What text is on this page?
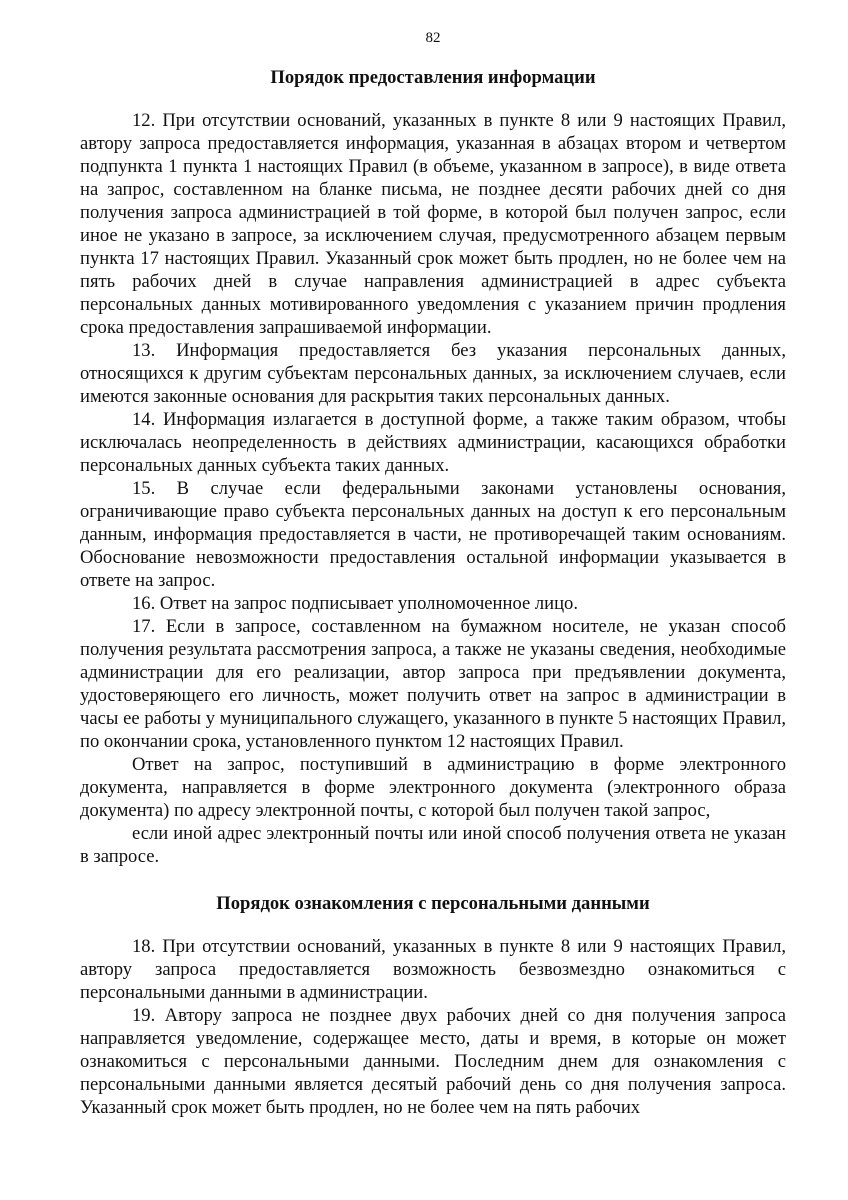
82
Порядок предоставления информации

12. При отсутствии оснований, указанных в пункте 8 или 9 настоящих Правил, автору запроса предоставляется информация, указанная в абзацах втором и четвертом подпункта 1 пункта 1 настоящих Правил (в объеме, указанном в запросе), в виде ответа на запрос, составленном на бланке письма, не позднее десяти рабочих дней со дня получения запроса администрацией в той форме, в которой был получен запрос, если иное не указано в запросе, за исключением случая, предусмотренного абзацем первым пункта 17 настоящих Правил. Указанный срок может быть продлен, но не более чем на пять рабочих дней в случае направления администрацией в адрес субъекта персональных данных мотивированного уведомления с указанием причин продления срока предоставления запрашиваемой информации.

13. Информация предоставляется без указания персональных данных, относящихся к другим субъектам персональных данных, за исключением случаев, если имеются законные основания для раскрытия таких персональных данных.

14. Информация излагается в доступной форме, а также таким образом, чтобы исключалась неопределенность в действиях администрации, касающихся обработки персональных данных субъекта таких данных.

15. В случае если федеральными законами установлены основания, ограничивающие право субъекта персональных данных на доступ к его персональным данным, информация предоставляется в части, не противоречащей таким основаниям. Обоснование невозможности предоставления остальной информации указывается в ответе на запрос.

16. Ответ на запрос подписывает уполномоченное лицо.

17. Если в запросе, составленном на бумажном носителе, не указан способ получения результата рассмотрения запроса, а также не указаны сведения, необходимые администрации для его реализации, автор запроса при предъявлении документа, удостоверяющего его личность, может получить ответ на запрос в администрации в часы ее работы у муниципального служащего, указанного в пункте 5 настоящих Правил, по окончании срока, установленного пунктом 12 настоящих Правил.

Ответ на запрос, поступивший в администрацию в форме электронного документа, направляется в форме электронного документа (электронного образа документа) по адресу электронной почты, с которой был получен такой запрос,

если иной адрес электронный почты или иной способ получения ответа не указан в запросе.

Порядок ознакомления с персональными данными

18. При отсутствии оснований, указанных в пункте 8 или 9 настоящих Правил, автору запроса предоставляется возможность безвозмездно ознакомиться с персональными данными в администрации.

19. Автору запроса не позднее двух рабочих дней со дня получения запроса направляется уведомление, содержащее место, даты и время, в которые он может ознакомиться с персональными данными. Последним днем для ознакомления с персональными данными является десятый рабочий день со дня получения запроса. Указанный срок может быть продлен, но не более чем на пять рабочих
